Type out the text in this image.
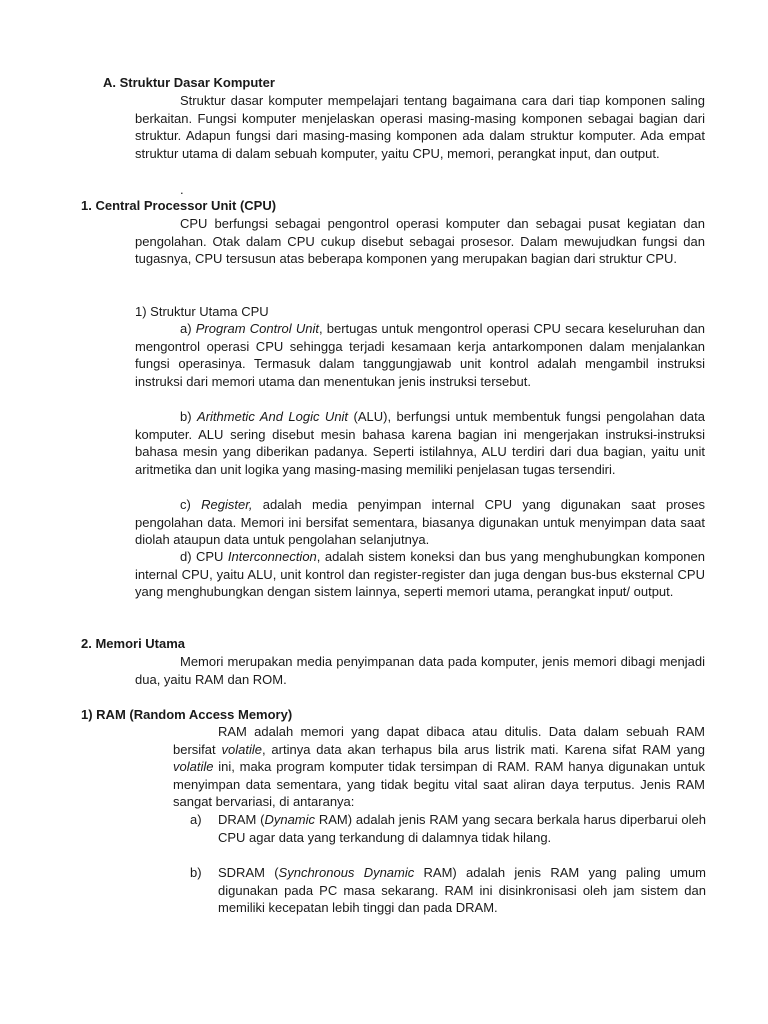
A. Struktur Dasar Komputer

Struktur dasar komputer mempelajari tentang bagaimana cara dari tiap komponen saling berkaitan. Fungsi komputer menjelaskan operasi masing-masing komponen sebagai bagian dari struktur. Adapun fungsi dari masing-masing komponen ada dalam struktur komputer. Ada empat struktur utama di dalam sebuah komputer, yaitu CPU, memori, perangkat input, dan output.

.
1. Central Processor Unit (CPU)

CPU berfungsi sebagai pengontrol operasi komputer dan sebagai pusat kegiatan dan pengolahan. Otak dalam CPU cukup disebut sebagai prosesor. Dalam mewujudkan fungsi dan tugasnya, CPU tersusun atas beberapa komponen yang merupakan bagian dari struktur CPU.

1) Struktur Utama CPU

a) Program Control Unit, bertugas untuk mengontrol operasi CPU secara keseluruhan dan mengontrol operasi CPU sehingga terjadi kesamaan kerja antarkomponen dalam menjalankan fungsi operasinya. Termasuk dalam tanggungjawab unit kontrol adalah mengambil instruksi instruksi dari memori utama dan menentukan jenis instruksi tersebut.

b) Arithmetic And Logic Unit (ALU), berfungsi untuk membentuk fungsi pengolahan data komputer. ALU sering disebut mesin bahasa karena bagian ini mengerjakan instruksi-instruksi bahasa mesin yang diberikan padanya. Seperti istilahnya, ALU terdiri dari dua bagian, yaitu unit aritmetika dan unit logika yang masing-masing memiliki penjelasan tugas tersendiri.

c) Register, adalah media penyimpan internal CPU yang digunakan saat proses pengolahan data. Memori ini bersifat sementara, biasanya digunakan untuk menyimpan data saat diolah ataupun data untuk pengolahan selanjutnya.

d) CPU Interconnection, adalah sistem koneksi dan bus yang menghubungkan komponen internal CPU, yaitu ALU, unit kontrol dan register-register dan juga dengan bus-bus eksternal CPU yang menghubungkan dengan sistem lainnya, seperti memori utama, perangkat input/ output.

2. Memori Utama

Memori merupakan media penyimpanan data pada komputer, jenis memori dibagi menjadi dua, yaitu RAM dan ROM.

1) RAM (Random Access Memory)

RAM adalah memori yang dapat dibaca atau ditulis. Data dalam sebuah RAM bersifat volatile, artinya data akan terhapus bila arus listrik mati. Karena sifat RAM yang volatile ini, maka program komputer tidak tersimpan di RAM. RAM hanya digunakan untuk menyimpan data sementara, yang tidak begitu vital saat aliran daya terputus. Jenis RAM sangat bervariasi, di antaranya:

a) DRAM (Dynamic RAM) adalah jenis RAM yang secara berkala harus diperbarui oleh CPU agar data yang terkandung di dalamnya tidak hilang.
b) SDRAM (Synchronous Dynamic RAM) adalah jenis RAM yang paling umum digunakan pada PC masa sekarang. RAM ini disinkronisasi oleh jam sistem dan memiliki kecepatan lebih tinggi dan pada DRAM.
